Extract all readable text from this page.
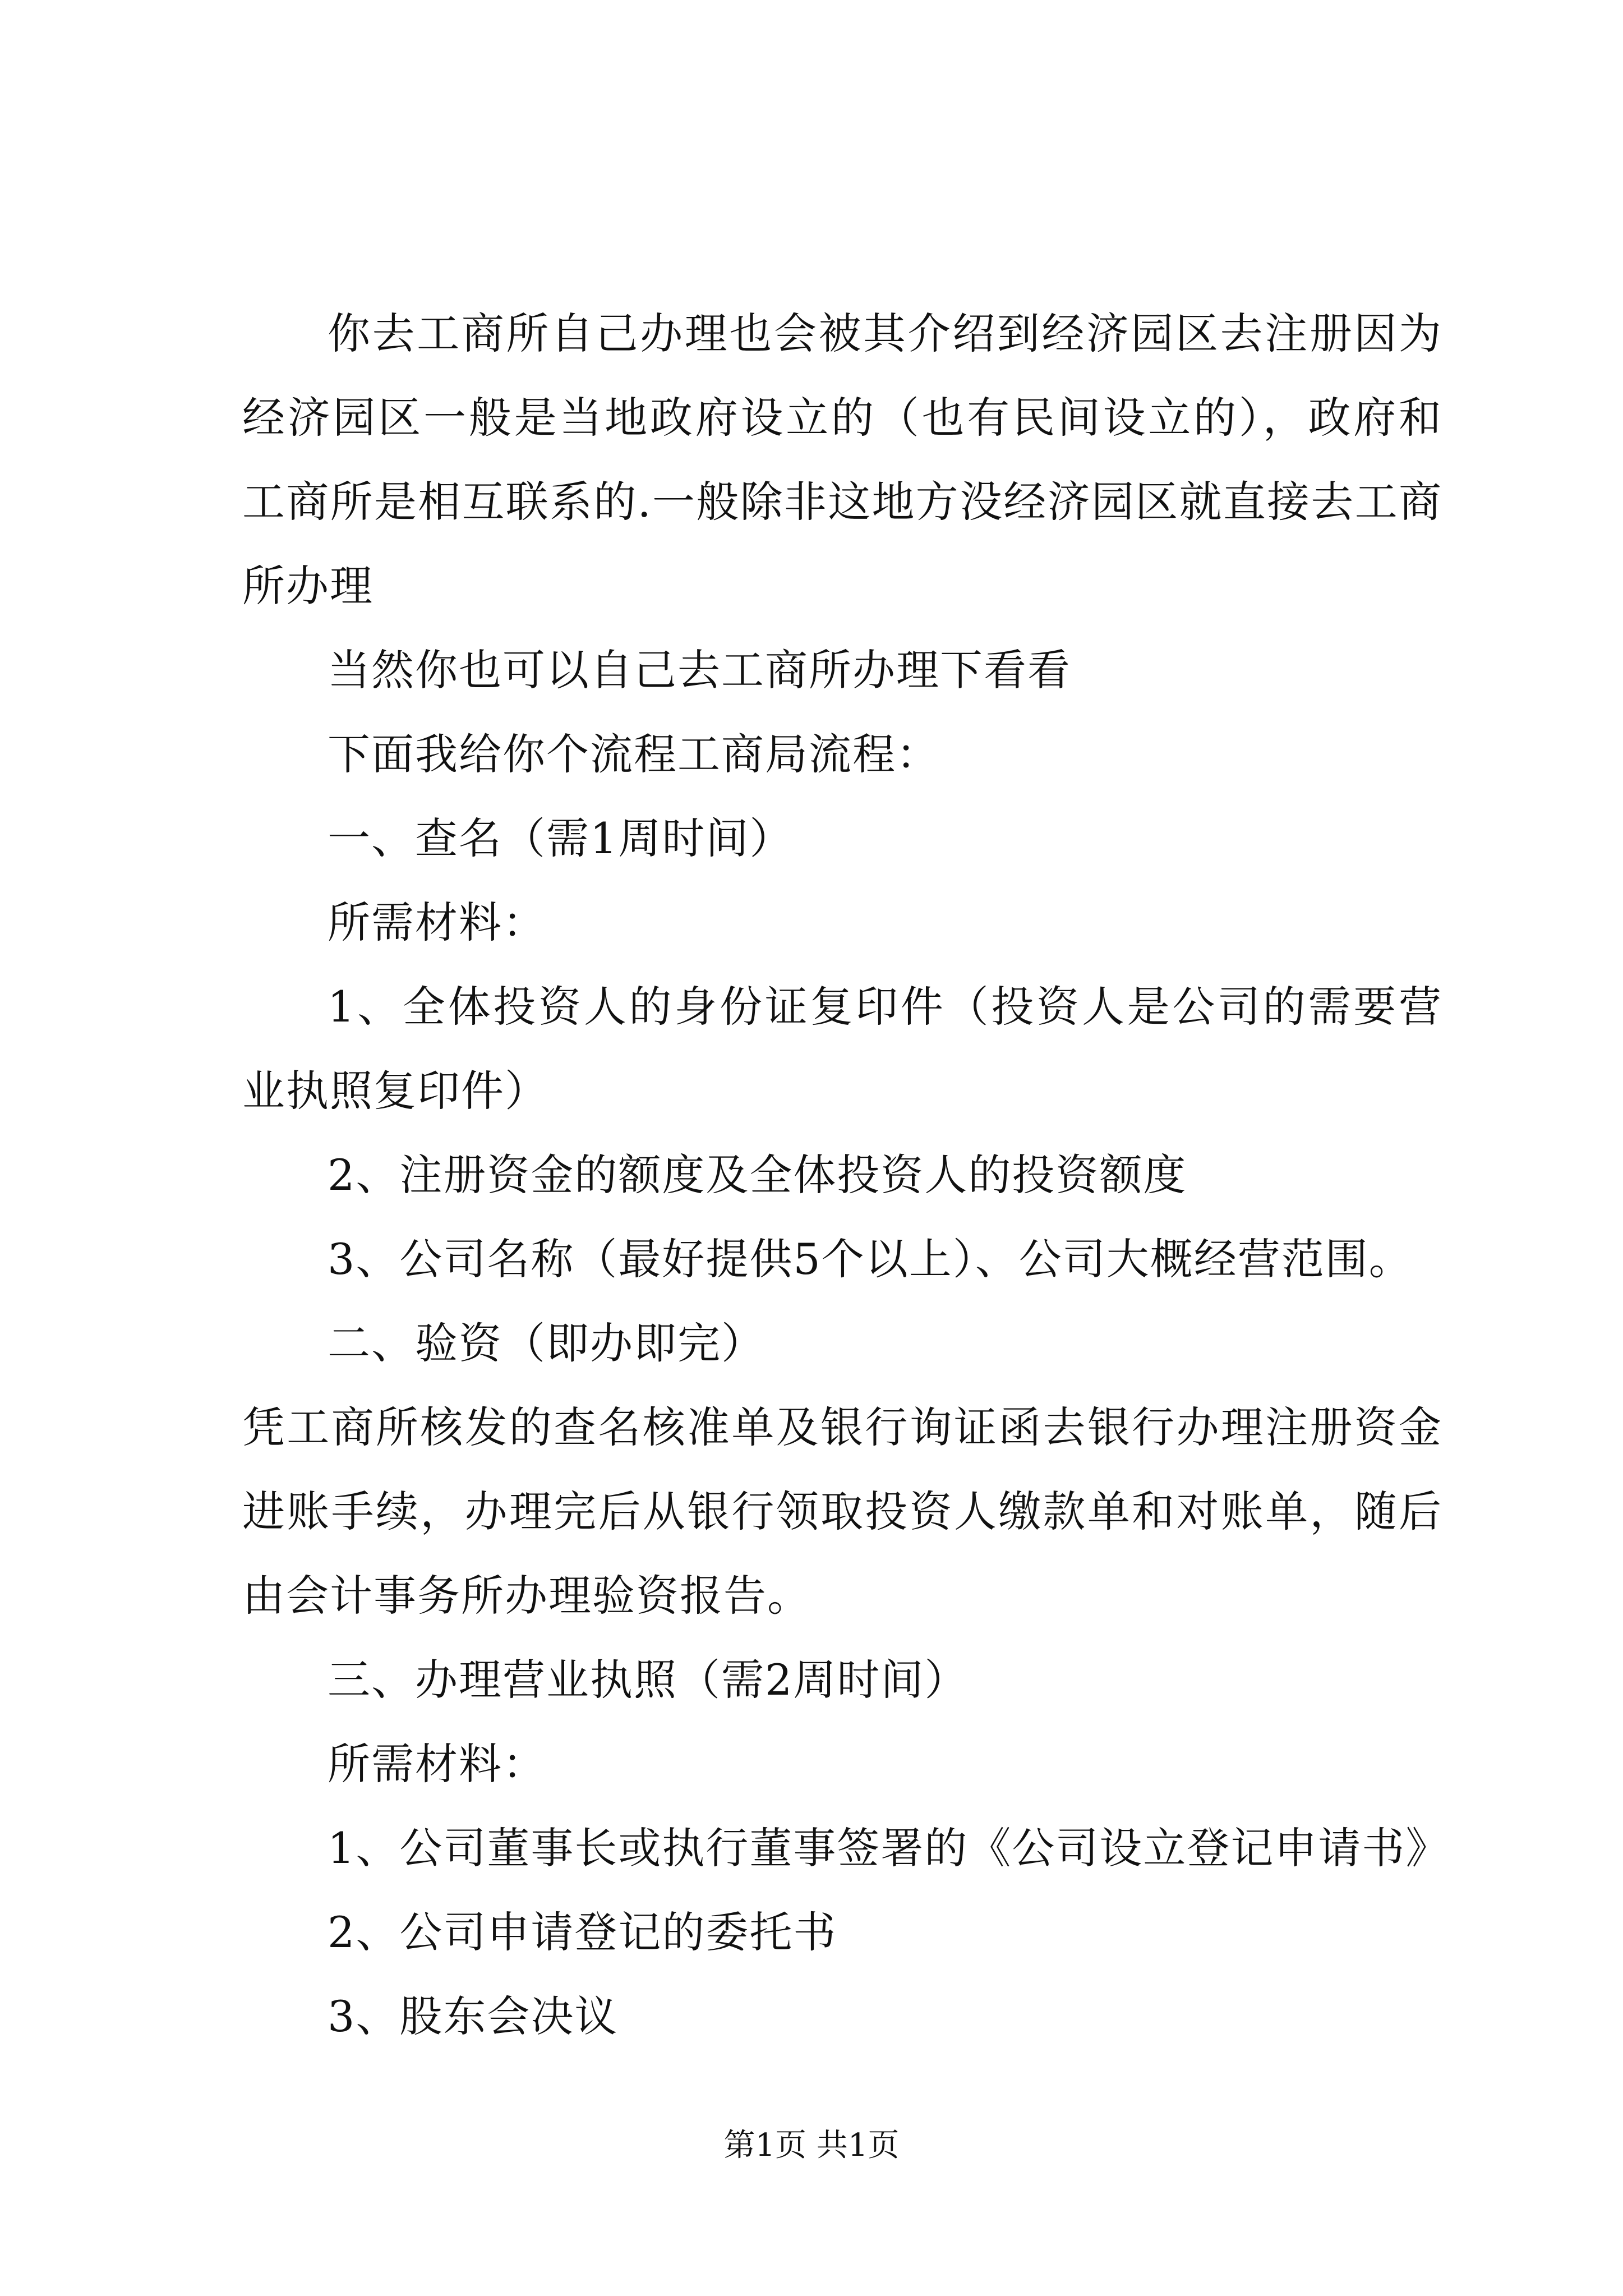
你去工商所自己办理也会被其介绍到经济园区去注册因为经济园区一般是当地政府设立的（也有民间设立的），政府和工商所是相互联系的.一般除非这地方没经济园区就直接去工商所办理

当然你也可以自己去工商所办理下看看

下面我给你个流程工商局流程：

一、查名（需1周时间）

所需材料：

1、全体投资人的身份证复印件（投资人是公司的需要营业执照复印件）

2、注册资金的额度及全体投资人的投资额度

3、公司名称（最好提供5个以上）、公司大概经营范围。

二、验资（即办即完）

凭工商所核发的查名核准单及银行询证函去银行办理注册资金进账手续，办理完后从银行领取投资人缴款单和对账单，随后由会计事务所办理验资报告。

三、办理营业执照（需2周时间）

所需材料：

1、公司董事长或执行董事签署的《公司设立登记申请书》

2、公司申请登记的委托书

3、股东会决议

第1页 共1页
